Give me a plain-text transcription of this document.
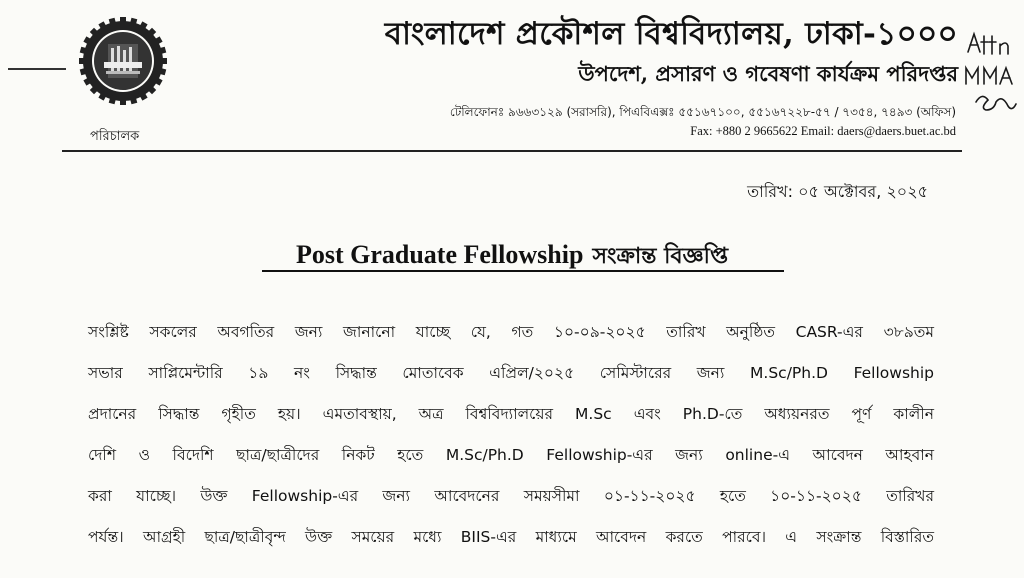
পরিচালক
বাংলাদেশ প্রকৌশল বিশ্ববিদ্যালয়, ঢাকা-১০০০
উপদেশ, প্রসারণ ও গবেষণা কার্যক্রম পরিদপ্তর
টেলিফোনঃ ৯৬৬৩১২৯ (সরাসরি), পিএবিএক্সঃ ৫৫১৬৭১০০, ৫৫১৬৭২২৮-৫৭ / ৭৩৫৪, ৭৪৯৩ (অফিস)
Fax: +880 2 9665622 Email: daers@daers.buet.ac.bd
তারিখ: ০৫ অক্টোবর, ২০২৫
Post Graduate Fellowship সংক্রান্ত বিজ্ঞপ্তি
সংশ্লিষ্ট সকলের অবগতির জন্য জানানো যাচ্ছে যে, গত ১০-০৯-২০২৫ তারিখ অনুষ্ঠিত CASR-এর ৩৮৯তম
সভার সাপ্লিমেন্টারি ১৯ নং সিদ্ধান্ত মোতাবেক এপ্রিল/২০২৫ সেমিস্টারের জন্য M.Sc/Ph.D Fellowship
প্রদানের সিদ্ধান্ত গৃহীত হয়। এমতাবস্থায়, অত্র বিশ্ববিদ্যালয়ের M.Sc এবং Ph.D-তে অধ্যয়নরত পূর্ণ কালীন
দেশি ও বিদেশি ছাত্র/ছাত্রীদের নিকট হতে M.Sc/Ph.D Fellowship-এর জন্য online-এ আবেদন আহবান
করা যাচ্ছে। উক্ত Fellowship-এর জন্য আবেদনের সময়সীমা ০১-১১-২০২৫ হতে ১০-১১-২০২৫ তারিখর
পর্যন্ত। আগ্রহী ছাত্র/ছাত্রীবৃন্দ উক্ত সময়ের মধ্যে BIIS-এর মাধ্যমে আবেদন করতে পারবে। এ সংক্রান্ত বিস্তারিত
